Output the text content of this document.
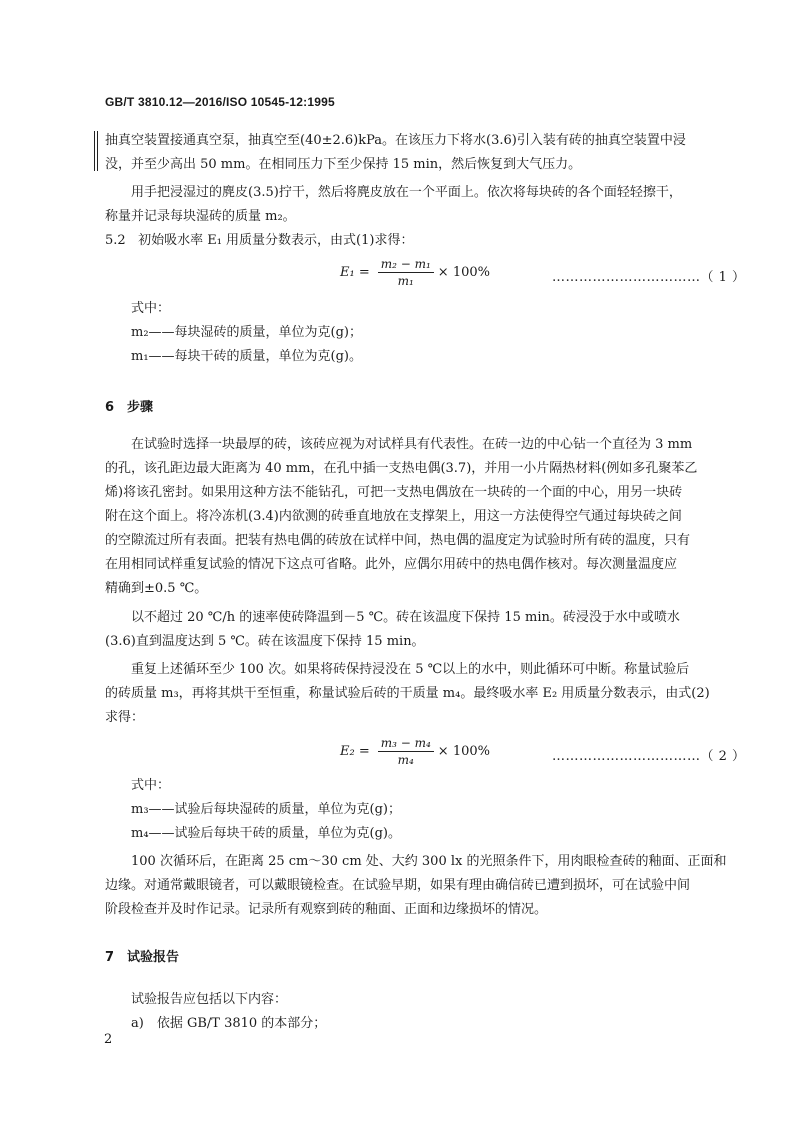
GB/T 3810.12—2016/ISO 10545-12:1995
抽真空装置接通真空泵，抽真空至(40±2.6)kPa。在该压力下将水(3.6)引入装有砖的抽真空装置中浸
没，并至少高出 50 mm。在相同压力下至少保持 15 min，然后恢复到大气压力。
用手把浸湿过的麂皮(3.5)拧干，然后将麂皮放在一个平面上。依次将每块砖的各个面轻轻擦干，
称量并记录每块湿砖的质量 m₂。
5.2 初始吸水率 E₁ 用质量分数表示，由式(1)求得：
$E_1 = \frac{\text{m₂ − m₁}}{\text{m₁}} \times 100\%$	……………………………（ 1 ）
式中：
m₂——每块湿砖的质量，单位为克(g)；
m₁——每块干砖的质量，单位为克(g)。
6 步骤
在试验时选择一块最厚的砖，该砖应视为对试样具有代表性。在砖一边的中心钻一个直径为 3 mm
的孔，该孔距边最大距离为 40 mm，在孔中插一支热电偶(3.7)，并用一小片隔热材料(例如多孔聚苯乙
烯)将该孔密封。如果用这种方法不能钻孔，可把一支热电偶放在一块砖的一个面的中心，用另一块砖
附在这个面上。将冷冻机(3.4)内欲测的砖垂直地放在支撑架上，用这一方法使得空气通过每块砖之间
的空隙流过所有表面。把装有热电偶的砖放在试样中间，热电偶的温度定为试验时所有砖的温度，只有
在用相同试样重复试验的情况下这点可省略。此外，应偶尔用砖中的热电偶作核对。每次测量温度应
精确到±0.5 ℃。
以不超过 20 ℃/h 的速率使砖降温到－5 ℃。砖在该温度下保持 15 min。砖浸没于水中或喷水
(3.6)直到温度达到 5 ℃。砖在该温度下保持 15 min。
重复上述循环至少 100 次。如果将砖保持浸没在 5 ℃以上的水中，则此循环可中断。称量试验后
的砖质量 m₃，再将其烘干至恒重，称量试验后砖的干质量 m₄。最终吸水率 E₂ 用质量分数表示，由式(2)
求得：
$E_2 = \frac{\text{m₃ − m₄}}{\text{m₄}} \times 100\%$	……………………………（ 2 ）
式中：
m₃——试验后每块湿砖的质量，单位为克(g)；
m₄——试验后每块干砖的质量，单位为克(g)。
100 次循环后，在距离 25 cm～30 cm 处、大约 300 lx 的光照条件下，用肉眼检查砖的釉面、正面和
边缘。对通常戴眼镜者，可以戴眼镜检查。在试验早期，如果有理由确信砖已遭到损坏，可在试验中间
阶段检查并及时作记录。记录所有观察到砖的釉面、正面和边缘损坏的情况。
7 试验报告
试验报告应包括以下内容：
a)　依据 GB/T 3810 的本部分；
2
